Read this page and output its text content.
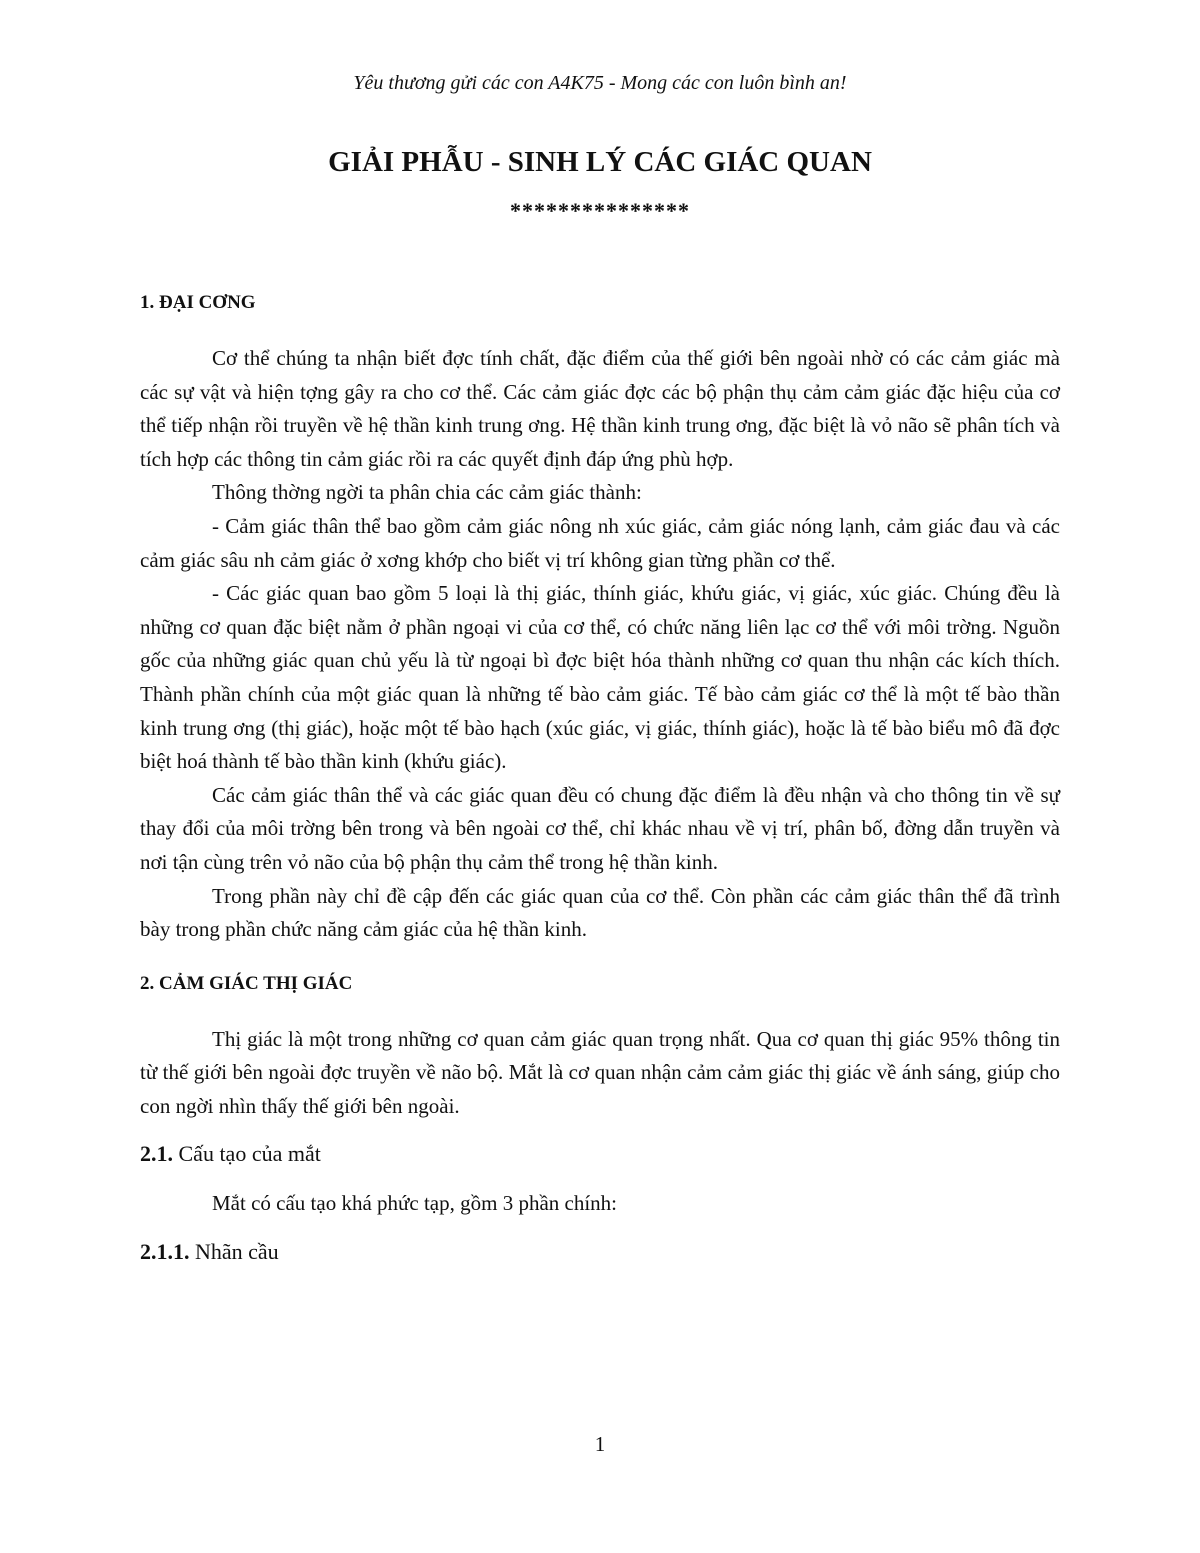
Yêu thương gửi các con A4K75 - Mong các con luôn bình an!
GIẢI PHẪU - SINH LÝ CÁC GIÁC QUAN
***************
1. ĐẠI CƠNG

Cơ thể chúng ta nhận biết đợc tính chất, đặc điểm của thế giới bên ngoài nhờ có các cảm giác mà các sự vật và hiện tợng gây ra cho cơ thể. Các cảm giác đợc các bộ phận thụ cảm cảm giác đặc hiệu của cơ thể tiếp nhận rồi truyền về hệ thần kinh trung ơng. Hệ thần kinh trung ơng, đặc biệt là vỏ não sẽ phân tích và tích hợp các thông tin cảm giác rồi ra các quyết định đáp ứng phù hợp.

Thông thờng ngời ta phân chia các cảm giác thành:

- Cảm giác thân thể bao gồm cảm giác nông nh xúc giác, cảm giác nóng lạnh, cảm giác đau và các cảm giác sâu nh cảm giác ở xơng khớp cho biết vị trí không gian từng phần cơ thể.

- Các giác quan bao gồm 5 loại là thị giác, thính giác, khứu giác, vị giác, xúc giác. Chúng đều là những cơ quan đặc biệt nằm ở phần ngoại vi của cơ thể, có chức năng liên lạc cơ thể với môi trờng. Nguồn gốc của những giác quan chủ yếu là từ ngoại bì đợc biệt hóa thành những cơ quan thu nhận các kích thích. Thành phần chính của một giác quan là những tế bào cảm giác. Tế bào cảm giác cơ thể là một tế bào thần kinh trung ơng (thị giác), hoặc một tế bào hạch (xúc giác, vị giác, thính giác), hoặc là tế bào biểu mô đã đợc biệt hoá thành tế bào thần kinh (khứu giác).

Các cảm giác thân thể và các giác quan đều có chung đặc điểm là đều nhận và cho thông tin về sự thay đổi của môi trờng bên trong và bên ngoài cơ thể, chỉ khác nhau về vị trí, phân bố, đờng dẫn truyền và nơi tận cùng trên vỏ não của bộ phận thụ cảm thể trong hệ thần kinh.

Trong phần này chỉ đề cập đến các giác quan của cơ thể. Còn phần các cảm giác thân thể đã trình bày trong phần chức năng cảm giác của hệ thần kinh.

2. CẢM GIÁC THỊ GIÁC

Thị giác là một trong những cơ quan cảm giác quan trọng nhất. Qua cơ quan thị giác 95% thông tin từ thế giới bên ngoài đợc truyền về não bộ. Mắt là cơ quan nhận cảm cảm giác thị giác về ánh sáng, giúp cho con ngời nhìn thấy thế giới bên ngoài.

2.1. Cấu tạo của mắt

Mắt có cấu tạo khá phức tạp, gồm 3 phần chính:

2.1.1. Nhãn cầu
1
